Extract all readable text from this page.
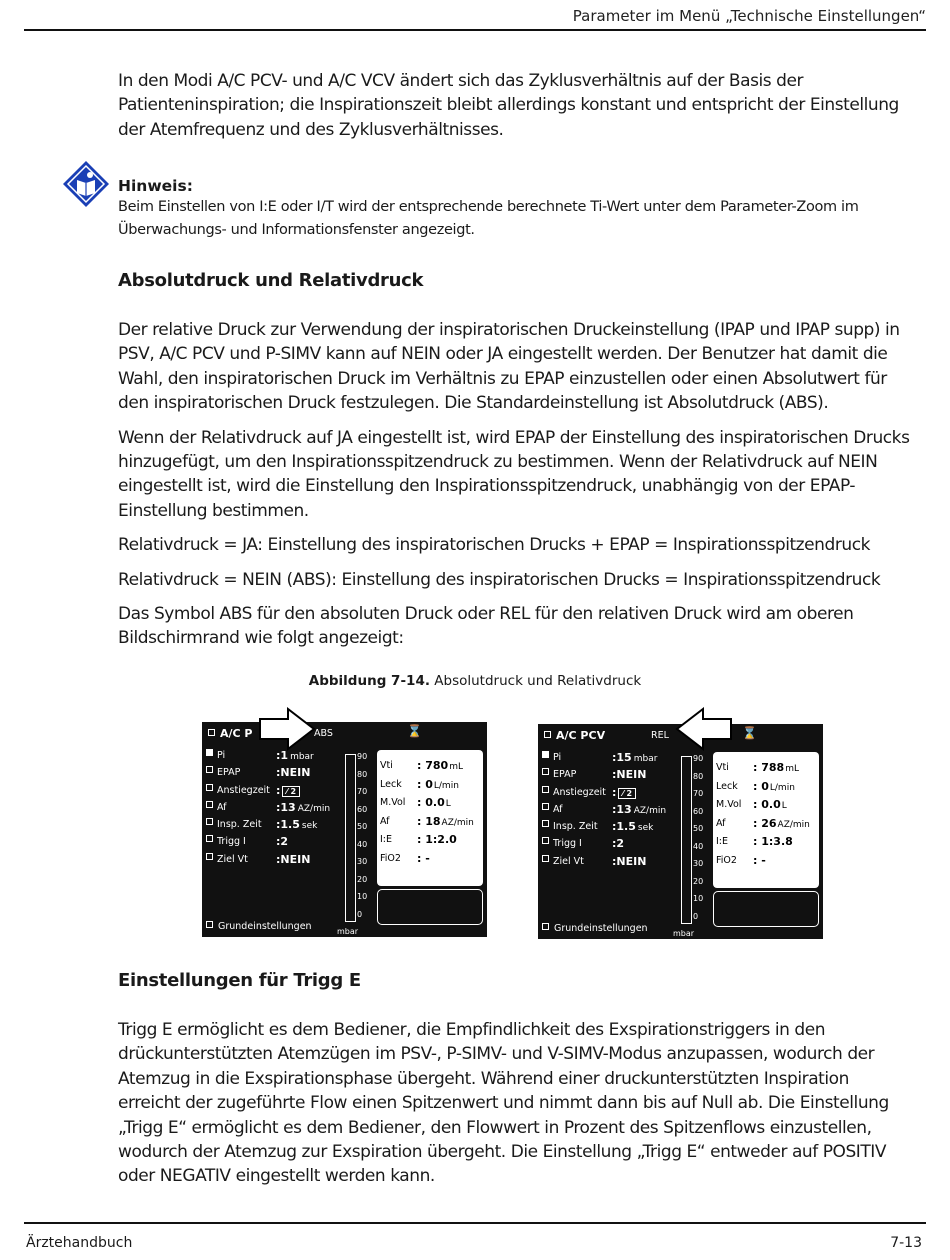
Parameter im Menü „Technische Einstellungen“

In den Modi A/C PCV- und A/C VCV ändert sich das Zyklusverhältnis auf der Basis der Patienteninspiration; die Inspirationszeit bleibt allerdings konstant und entspricht der Einstellung der Atemfrequenz und des Zyklusverhältnisses.

Hinweis:

Beim Einstellen von I:E oder I/T wird der entsprechende berechnete Ti-Wert unter dem Parameter-Zoom im Überwachungs- und Informationsfenster angezeigt.

Absolutdruck und Relativdruck

Der relative Druck zur Verwendung der inspiratorischen Druckeinstellung (IPAP und IPAP supp) in PSV, A/C PCV und P-SIMV kann auf NEIN oder JA eingestellt werden. Der Benutzer hat damit die Wahl, den inspiratorischen Druck im Verhältnis zu EPAP einzustellen oder einen Absolutwert für den inspiratorischen Druck festzulegen. Die Standardeinstellung ist Absolutdruck (ABS).

Wenn der Relativdruck auf JA eingestellt ist, wird EPAP der Einstellung des inspiratorischen Drucks hinzugefügt, um den Inspirationsspitzendruck zu bestimmen. Wenn der Relativdruck auf NEIN eingestellt ist, wird die Einstellung den Inspirationsspitzendruck, unabhängig von der EPAP-Einstellung bestimmen.

Relativdruck = JA: Einstellung des inspiratorischen Drucks + EPAP = Inspirationsspitzendruck

Relativdruck = NEIN (ABS): Einstellung des inspiratorischen Drucks = Inspirationsspitzendruck

Das Symbol ABS für den absoluten Druck oder REL für den relativen Druck wird am oberen Bildschirmrand wie folgt angezeigt:

Abbildung 7-14. Absolutdruck und Relativdruck
A/C P	ABS	⌛
Pi	:1 mbar
EPAP	:NEIN
Anstiegzeit : ⁄ 2
Af	:13 AZ/min
Insp. Zeit :1.5 sek
Trigg I	:2
Ziel Vt	:NEIN
90
80
70
60
50
40
30
20
10
0
mbar
Vti : 780mL
Leck : 0L/min
M.Vol : 0.0L
Af : 18AZ/min
I:E : 1:2.0
FiO2 : -
Grundeinstellungen
A/C PCV	REL	⌛
Pi	:15 mbar
EPAP	:NEIN
Anstiegzeit : ⁄ 2
Af	:13 AZ/min
Insp. Zeit :1.5 sek
Trigg I	:2
Ziel Vt	:NEIN
90
80
70
60
50
40
30
20
10
0
mbar
Vti : 788mL
Leck : 0L/min
M.Vol : 0.0L
Af : 26AZ/min
I:E : 1:3.8
FiO2 : -
Grundeinstellungen
Einstellungen für Trigg E

Trigg E ermöglicht es dem Bediener, die Empfindlichkeit des Exspirationstriggers in den drückunterstützten Atemzügen im PSV-, P-SIMV- und V-SIMV-Modus anzupassen, wodurch der Atemzug in die Exspirationsphase übergeht. Während einer druckunterstützten Inspiration erreicht der zugeführte Flow einen Spitzenwert und nimmt dann bis auf Null ab. Die Einstellung „Trigg E“ ermöglicht es dem Bediener, den Flowwert in Prozent des Spitzenflows einzustellen, wodurch der Atemzug zur Exspiration übergeht. Die Einstellung „Trigg E“ entweder auf POSITIV oder NEGATIV eingestellt werden kann.

Ärztehandbuch	7-13
